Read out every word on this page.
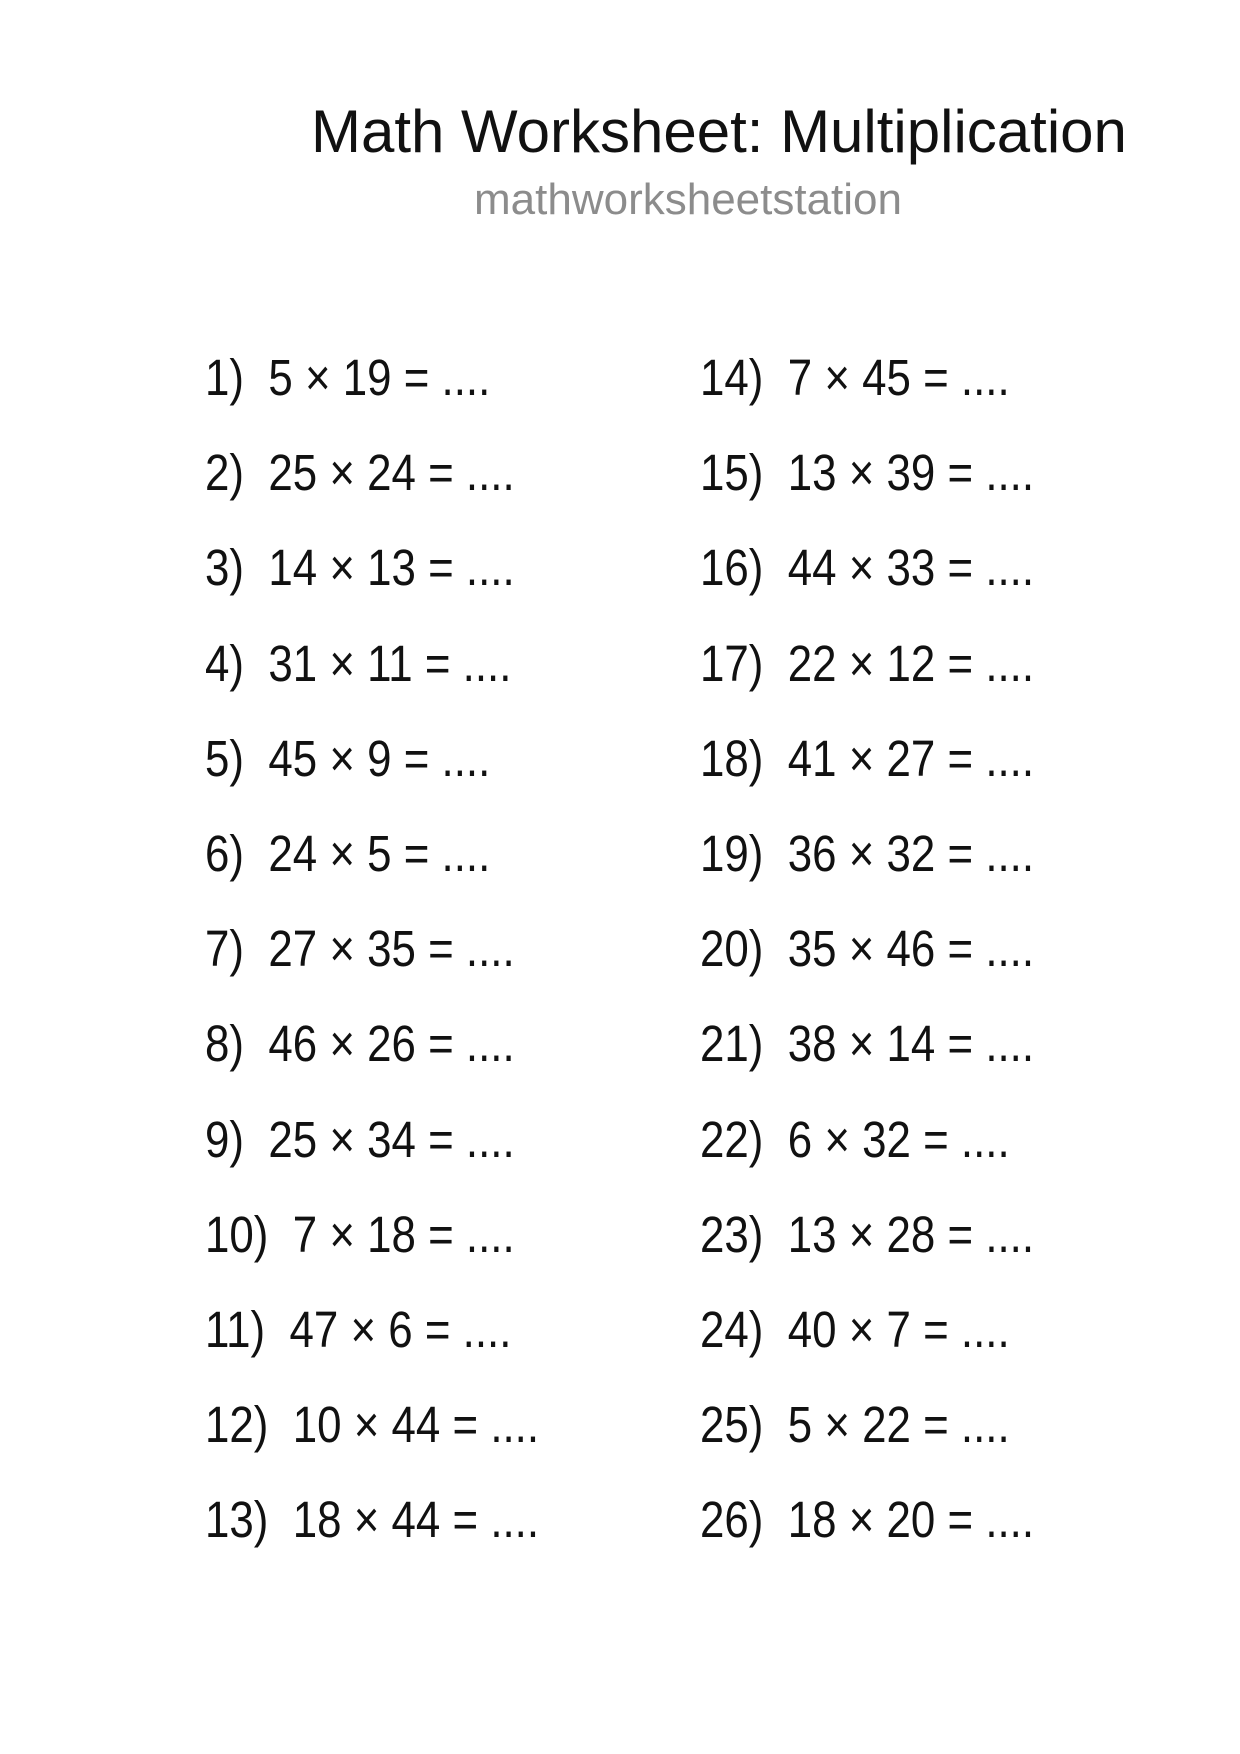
Math Worksheet: Multiplication
mathworksheetstation
1) 5 × 19 = ....
2) 25 × 24 = ....
3) 14 × 13 = ....
4) 31 × 11 = ....
5) 45 × 9 = ....
6) 24 × 5 = ....
7) 27 × 35 = ....
8) 46 × 26 = ....
9) 25 × 34 = ....
10) 7 × 18 = ....
11) 47 × 6 = ....
12) 10 × 44 = ....
13) 18 × 44 = ....
14) 7 × 45 = ....
15) 13 × 39 = ....
16) 44 × 33 = ....
17) 22 × 12 = ....
18) 41 × 27 = ....
19) 36 × 32 = ....
20) 35 × 46 = ....
21) 38 × 14 = ....
22) 6 × 32 = ....
23) 13 × 28 = ....
24) 40 × 7 = ....
25) 5 × 22 = ....
26) 18 × 20 = ....
